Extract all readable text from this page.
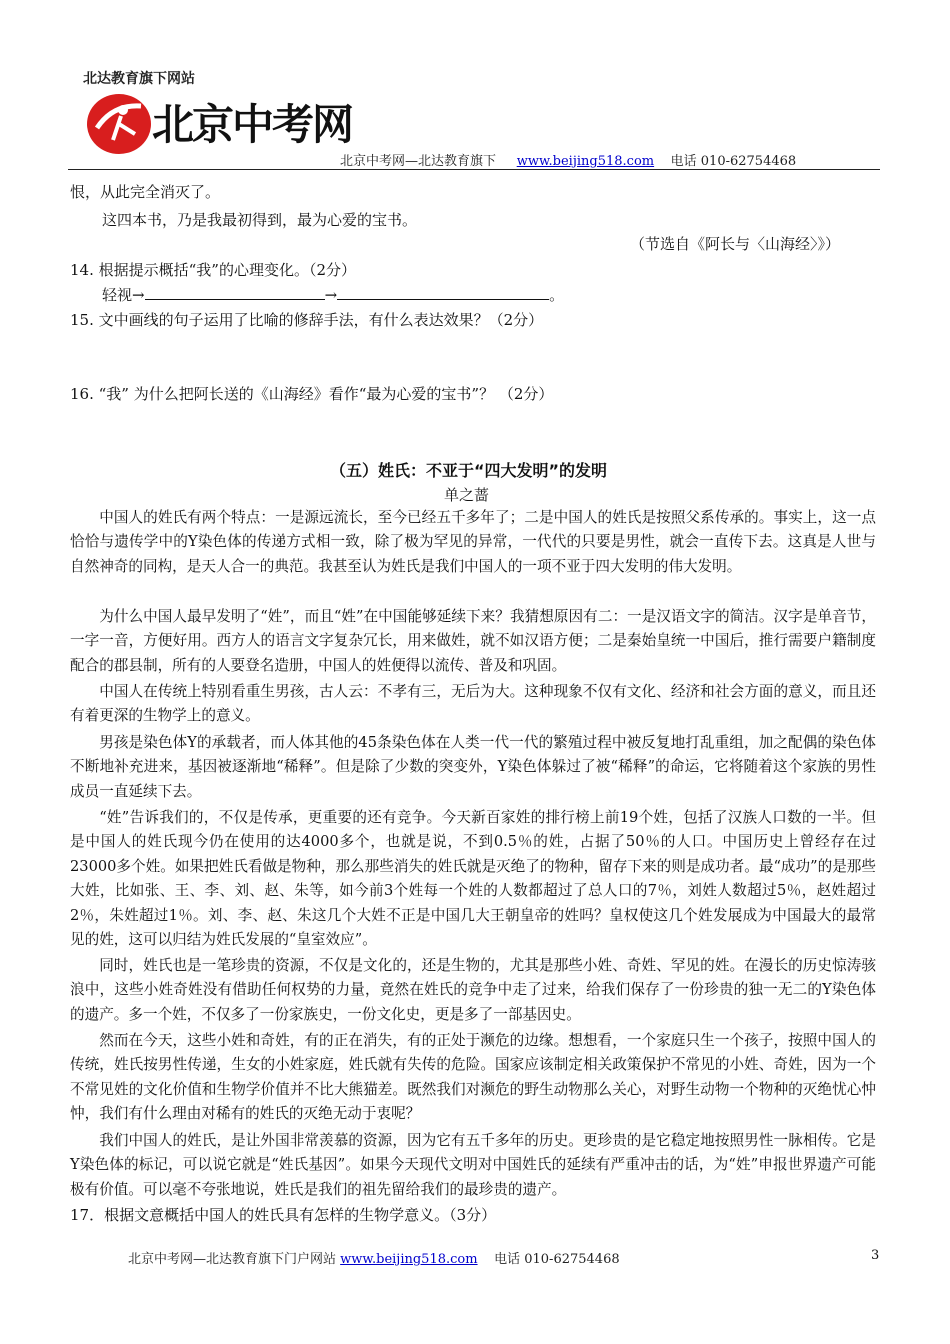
北达教育旗下网站
北京中考网
北京中考网—北达教育旗下 www.beijing518.com 电话 010-62754468
恨，从此完全消灭了。
这四本书，乃是我最初得到，最为心爱的宝书。
（节选自《阿长与〈山海经〉》）
14. 根据提示概括“我”的心理变化。（2分）
轻视→	→	。
15. 文中画线的句子运用了比喻的修辞手法，有什么表达效果？（2分）
16. “我” 为什么把阿长送的《山海经》看作“最为心爱的宝书”？ （2分）
（五）姓氏：不亚于“四大发明”的发明
单之蔷
中国人的姓氏有两个特点：一是源远流长，至今已经五千多年了；二是中国人的姓氏是按照父系传承的。事实上，这一点恰恰与遗传学中的Y染色体的传递方式相一致，除了极为罕见的异常，一代代的只要是男性，就会一直传下去。这真是人世与自然神奇的同构，是天人合一的典范。我甚至认为姓氏是我们中国人的一项不亚于四大发明的伟大发明。
为什么中国人最早发明了“姓”，而且“姓”在中国能够延续下来？我猜想原因有二：一是汉语文字的简洁。汉字是单音节，一字一音，方便好用。西方人的语言文字复杂冗长，用来做姓，就不如汉语方便；二是秦始皇统一中国后，推行需要户籍制度配合的郡县制，所有的人要登名造册，中国人的姓便得以流传、普及和巩固。
中国人在传统上特别看重生男孩，古人云：不孝有三，无后为大。这种现象不仅有文化、经济和社会方面的意义，而且还有着更深的生物学上的意义。
男孩是染色体Y的承载者，而人体其他的45条染色体在人类一代一代的繁殖过程中被反复地打乱重组，加之配偶的染色体不断地补充进来，基因被逐渐地“稀释”。但是除了少数的突变外，Y染色体躲过了被“稀释”的命运，它将随着这个家族的男性成员一直延续下去。
“姓”告诉我们的，不仅是传承，更重要的还有竞争。今天新百家姓的排行榜上前19个姓，包括了汉族人口数的一半。但是中国人的姓氏现今仍在使用的达4000多个，也就是说，不到0.5％的姓，占据了50％的人口。中国历史上曾经存在过23000多个姓。如果把姓氏看做是物种，那么那些消失的姓氏就是灭绝了的物种，留存下来的则是成功者。最“成功”的是那些大姓，比如张、王、李、刘、赵、朱等，如今前3个姓每一个姓的人数都超过了总人口的7％，刘姓人数超过5％，赵姓超过2％，朱姓超过1％。刘、李、赵、朱这几个大姓不正是中国几大王朝皇帝的姓吗？皇权使这几个姓发展成为中国最大的最常见的姓，这可以归结为姓氏发展的“皇室效应”。
同时，姓氏也是一笔珍贵的资源，不仅是文化的，还是生物的，尤其是那些小姓、奇姓、罕见的姓。在漫长的历史惊涛骇浪中，这些小姓奇姓没有借助任何权势的力量，竟然在姓氏的竞争中走了过来，给我们保存了一份珍贵的独一无二的Y染色体的遗产。多一个姓，不仅多了一份家族史，一份文化史，更是多了一部基因史。
然而在今天，这些小姓和奇姓，有的正在消失，有的正处于濒危的边缘。想想看，一个家庭只生一个孩子，按照中国人的传统，姓氏按男性传递，生女的小姓家庭，姓氏就有失传的危险。国家应该制定相关政策保护不常见的小姓、奇姓，因为一个不常见姓的文化价值和生物学价值并不比大熊猫差。既然我们对濒危的野生动物那么关心，对野生动物一个物种的灭绝忧心忡忡，我们有什么理由对稀有的姓氏的灭绝无动于衷呢？
我们中国人的姓氏，是让外国非常羡慕的资源，因为它有五千多年的历史。更珍贵的是它稳定地按照男性一脉相传。它是Y染色体的标记，可以说它就是“姓氏基因”。如果今天现代文明对中国姓氏的延续有严重冲击的话，为“姓”申报世界遗产可能极有价值。可以毫不夸张地说，姓氏是我们的祖先留给我们的最珍贵的遗产。
17．根据文意概括中国人的姓氏具有怎样的生物学意义。（3分）
北京中考网—北达教育旗下门户网站 www.beijing518.com 电话 010-62754468	3
